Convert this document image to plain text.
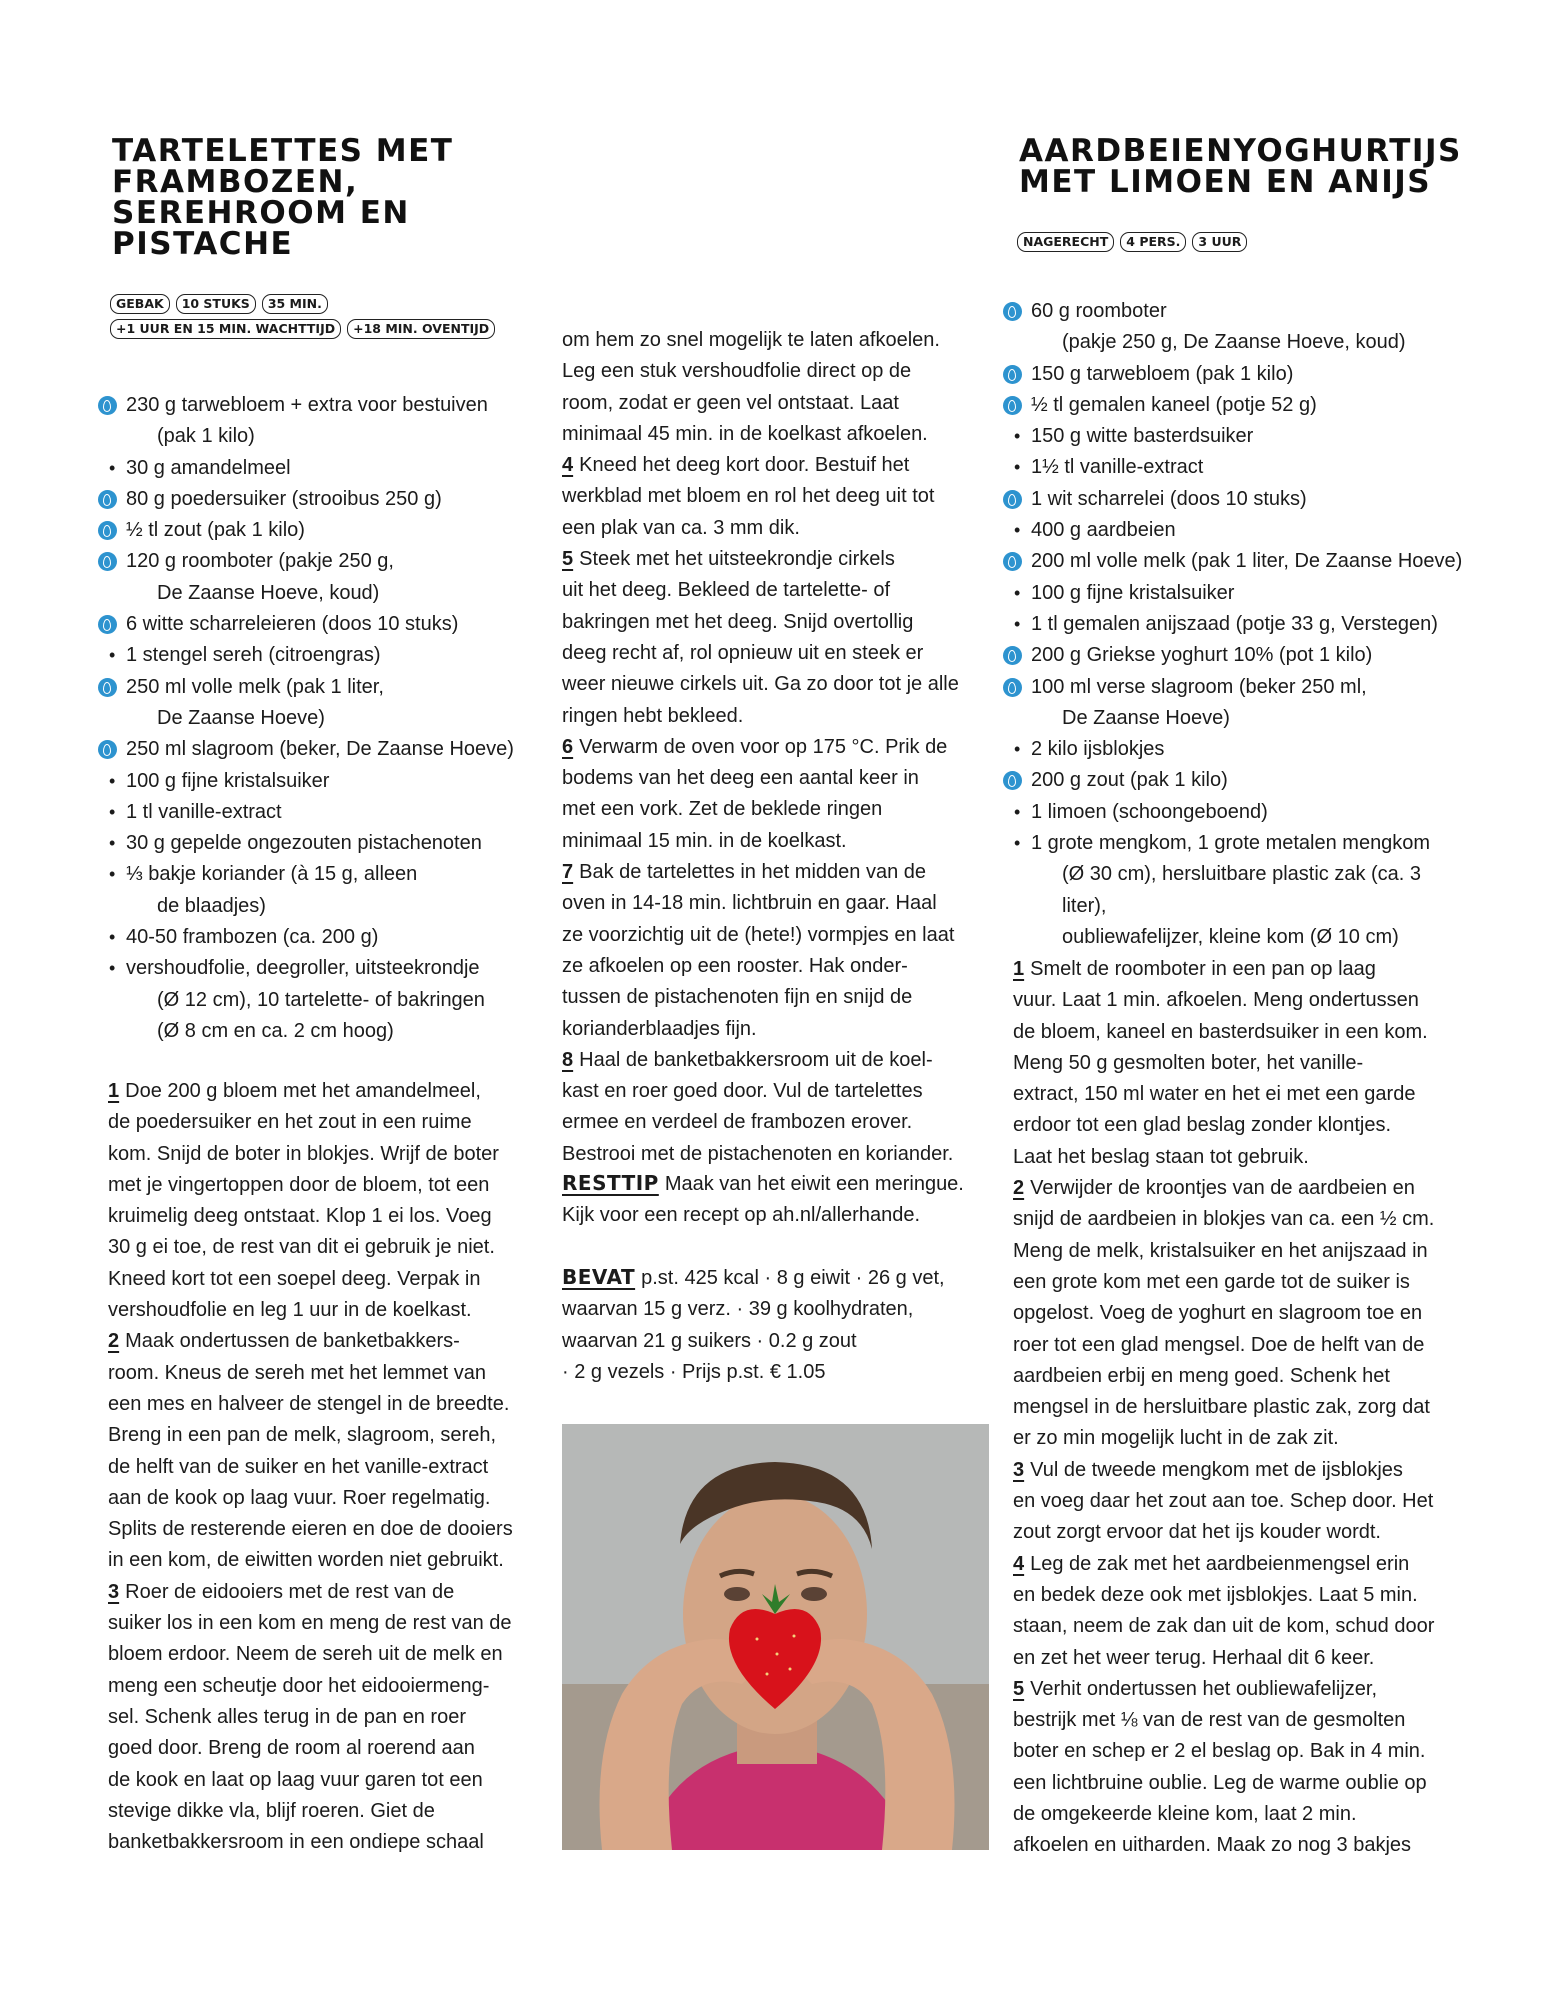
TARTELETTES MET
FRAMBOZEN,
SEREHROOM EN
PISTACHE
GEBAK	10 STUKS	35 MIN.
+1 UUR EN 15 MIN. WACHTTIJD	+18 MIN. OVENTIJD
230 g tarwebloem + extra voor bestuiven
(pak 1 kilo)
• 30 g amandelmeel
80 g poedersuiker (strooibus 250 g)
½ tl zout (pak 1 kilo)
120 g roomboter (pakje 250 g,
De Zaanse Hoeve, koud)
6 witte scharreleieren (doos 10 stuks)
• 1 stengel sereh (citroengras)
250 ml volle melk (pak 1 liter,
De Zaanse Hoeve)
250 ml slagroom (beker, De Zaanse Hoeve)
• 100 g fijne kristalsuiker
• 1 tl vanille-extract
• 30 g gepelde ongezouten pistachenoten
• ⅓ bakje koriander (à 15 g, alleen
de blaadjes)
• 40-50 frambozen (ca. 200 g)
• vershoudfolie, deegroller, uitsteekrondje
(Ø 12 cm), 10 tartelette- of bakringen
(Ø 8 cm en ca. 2 cm hoog)

1 Doe 200 g bloem met het amandelmeel,

de poedersuiker en het zout in een ruime

kom. Snijd de boter in blokjes. Wrijf de boter

met je vingertoppen door de bloem, tot een

kruimelig deeg ontstaat. Klop 1 ei los. Voeg

30 g ei toe, de rest van dit ei gebruik je niet.

Kneed kort tot een soepel deeg. Verpak in

vershoudfolie en leg 1 uur in de koelkast.

2 Maak ondertussen de banketbakkers-

room. Kneus de sereh met het lemmet van

een mes en halveer de stengel in de breedte.

Breng in een pan de melk, slagroom, sereh,

de helft van de suiker en het vanille-extract

aan de kook op laag vuur. Roer regelmatig.

Splits de resterende eieren en doe de dooiers

in een kom, de eiwitten worden niet gebruikt.

3 Roer de eidooiers met de rest van de

suiker los in een kom en meng de rest van de

bloem erdoor. Neem de sereh uit de melk en

meng een scheutje door het eidooiermeng-

sel. Schenk alles terug in de pan en roer

goed door. Breng de room al roerend aan

de kook en laat op laag vuur garen tot een

stevige dikke vla, blijf roeren. Giet de

banketbakkersroom in een ondiepe schaal

om hem zo snel mogelijk te laten afkoelen.

Leg een stuk vershoudfolie direct op de

room, zodat er geen vel ontstaat. Laat

minimaal 45 min. in de koelkast afkoelen.

4 Kneed het deeg kort door. Bestuif het

werkblad met bloem en rol het deeg uit tot

een plak van ca. 3 mm dik.

5 Steek met het uitsteekrondje cirkels

uit het deeg. Bekleed de tartelette- of

bakringen met het deeg. Snijd overtollig

deeg recht af, rol opnieuw uit en steek er

weer nieuwe cirkels uit. Ga zo door tot je alle

ringen hebt bekleed.

6 Verwarm de oven voor op 175 °C. Prik de

bodems van het deeg een aantal keer in

met een vork. Zet de beklede ringen

minimaal 15 min. in de koelkast.

7 Bak de tartelettes in het midden van de

oven in 14-18 min. lichtbruin en gaar. Haal

ze voorzichtig uit de (hete!) vormpjes en laat

ze afkoelen op een rooster. Hak onder-

tussen de pistachenoten fijn en snijd de

korianderblaadjes fijn.

8 Haal de banketbakkersroom uit de koel-

kast en roer goed door. Vul de tartelettes

ermee en verdeel de frambozen erover.

Bestrooi met de pistachenoten en koriander.

RESTTIP Maak van het eiwit een meringue.

Kijk voor een recept op ah.nl/allerhande.

BEVAT p.st. 425 kcal · 8 g eiwit · 26 g vet,

waarvan 15 g verz. · 39 g koolhydraten,

waarvan 21 g suikers · 0.2 g zout

· 2 g vezels · Prijs p.st. € 1.05

AARDBEIENYOGHURTIJS
MET LIMOEN EN ANIJS
NAGERECHT	4 PERS.	3 UUR
60 g roomboter
(pakje 250 g, De Zaanse Hoeve, koud)
150 g tarwebloem (pak 1 kilo)
½ tl gemalen kaneel (potje 52 g)
• 150 g witte basterdsuiker
• 1½ tl vanille-extract
1 wit scharrelei (doos 10 stuks)
• 400 g aardbeien
200 ml volle melk (pak 1 liter, De Zaanse Hoeve)
• 100 g fijne kristalsuiker
• 1 tl gemalen anijszaad (potje 33 g, Verstegen)
200 g Griekse yoghurt 10% (pot 1 kilo)
100 ml verse slagroom (beker 250 ml,
De Zaanse Hoeve)
• 2 kilo ijsblokjes
200 g zout (pak 1 kilo)
• 1 limoen (schoongeboend)
• 1 grote mengkom, 1 grote metalen mengkom
(Ø 30 cm), hersluitbare plastic zak (ca. 3 liter),
oubliewafelijzer, kleine kom (Ø 10 cm)

1 Smelt de roomboter in een pan op laag

vuur. Laat 1 min. afkoelen. Meng ondertussen

de bloem, kaneel en basterdsuiker in een kom.

Meng 50 g gesmolten boter, het vanille-

extract, 150 ml water en het ei met een garde

erdoor tot een glad beslag zonder klontjes.

Laat het beslag staan tot gebruik.

2 Verwijder de kroontjes van de aardbeien en

snijd de aardbeien in blokjes van ca. een ½ cm.

Meng de melk, kristalsuiker en het anijszaad in

een grote kom met een garde tot de suiker is

opgelost. Voeg de yoghurt en slagroom toe en

roer tot een glad mengsel. Doe de helft van de

aardbeien erbij en meng goed. Schenk het

mengsel in de hersluitbare plastic zak, zorg dat

er zo min mogelijk lucht in de zak zit.

3 Vul de tweede mengkom met de ijsblokjes

en voeg daar het zout aan toe. Schep door. Het

zout zorgt ervoor dat het ijs kouder wordt.

4 Leg de zak met het aardbeienmengsel erin

en bedek deze ook met ijsblokjes. Laat 5 min.

staan, neem de zak dan uit de kom, schud door

en zet het weer terug. Herhaal dit 6 keer.

5 Verhit ondertussen het oubliewafelijzer,

bestrijk met ⅛ van de rest van de gesmolten

boter en schep er 2 el beslag op. Bak in 4 min.

een lichtbruine oublie. Leg de warme oublie op

de omgekeerde kleine kom, laat 2 min.

afkoelen en uitharden. Maak zo nog 3 bakjes
